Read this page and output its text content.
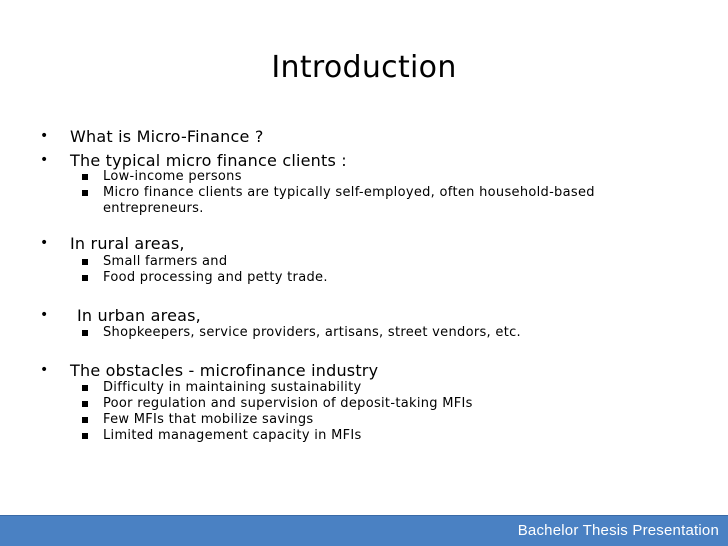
Introduction
• What is Micro-Finance ?
• The typical micro finance clients :
Low-income persons
Micro finance clients are typically self-employed, often household-based entrepreneurs.
• In rural areas,
Small farmers and
Food processing and petty trade.
• In urban areas,
Shopkeepers, service providers, artisans, street vendors, etc.
• The obstacles - microfinance industry
Difficulty in maintaining sustainability
Poor regulation and supervision of deposit-taking MFIs
Few MFIs that mobilize savings
Limited management capacity in MFIs
Bachelor Thesis Presentation
